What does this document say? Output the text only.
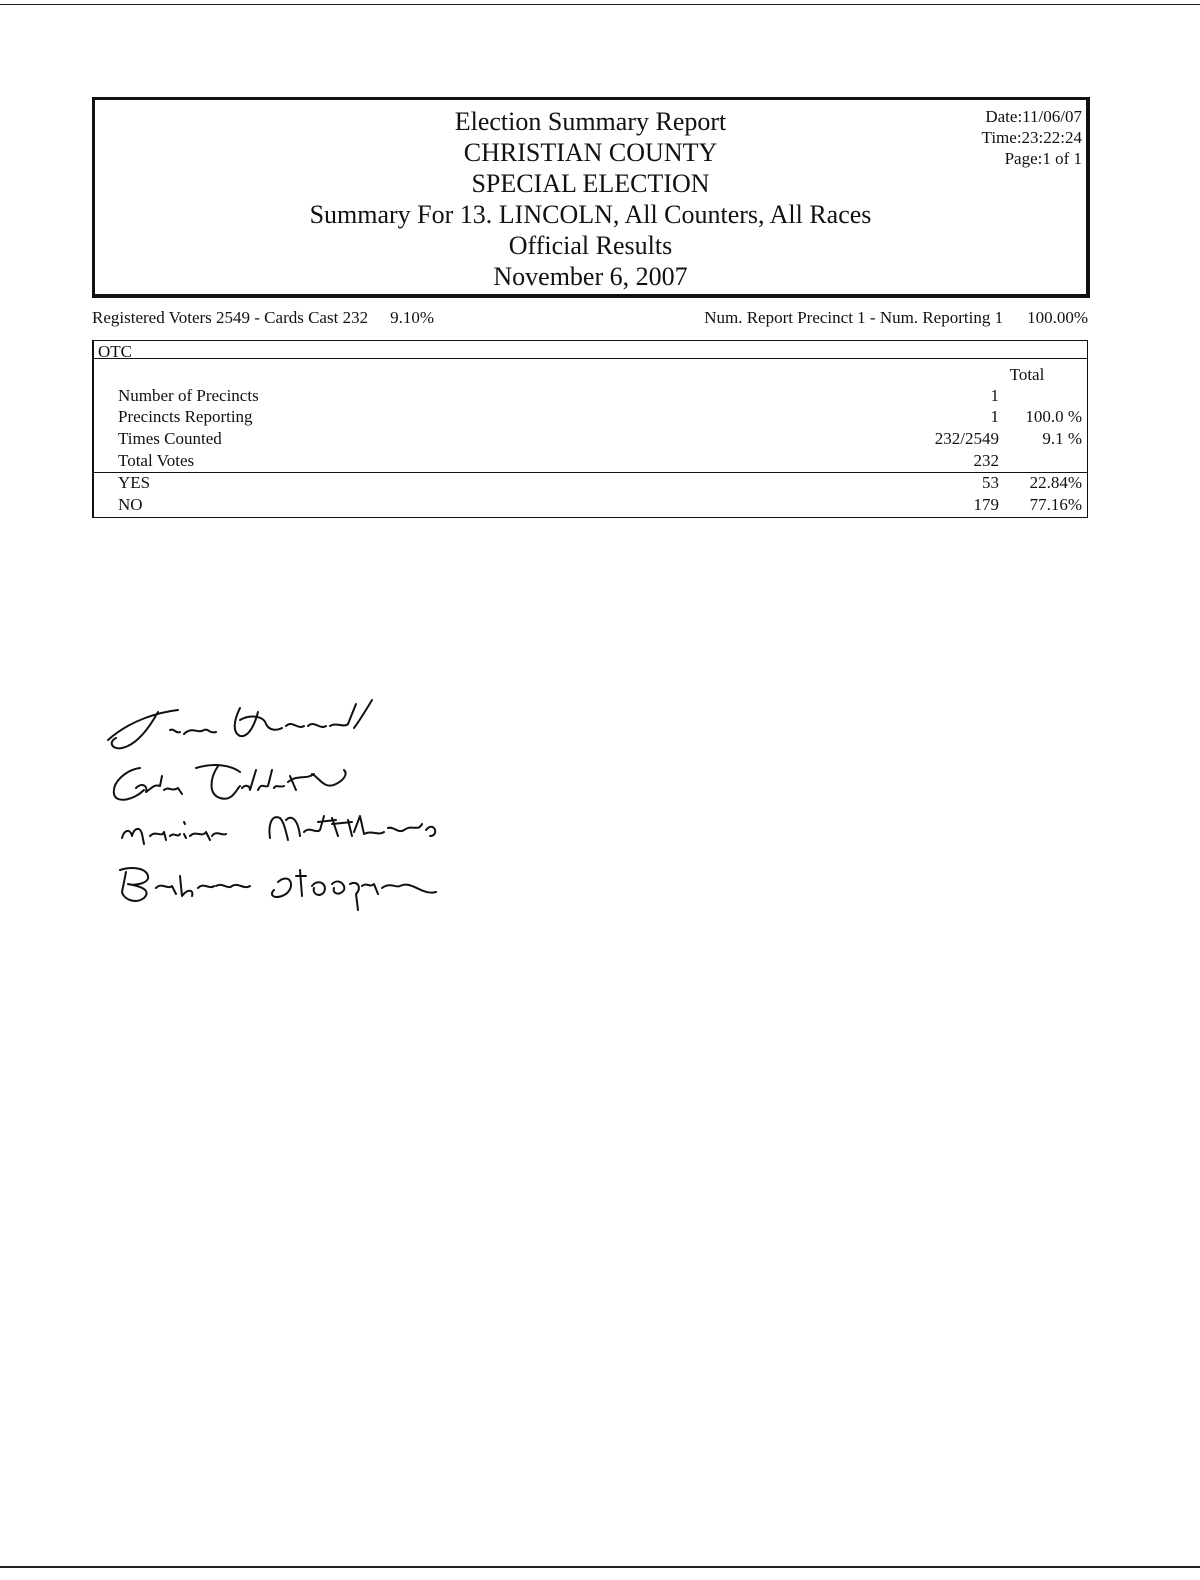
Election Summary Report
CHRISTIAN COUNTY
SPECIAL ELECTION
Summary For 13. LINCOLN, All Counters, All Races
Official Results
November 6, 2007
Date:11/06/07
Time:23:22:24
Page:1 of 1
Registered Voters 2549 - Cards Cast 232 9.10%	Num. Report Precinct 1 - Num. Reporting 1 100.00%
OTC
Total
Number of Precincts	1
Precincts Reporting	1 100.0 %
Times Counted	232/2549	9.1 %
Total Votes	232
YES	53 22.84%
NO	179 77.16%
